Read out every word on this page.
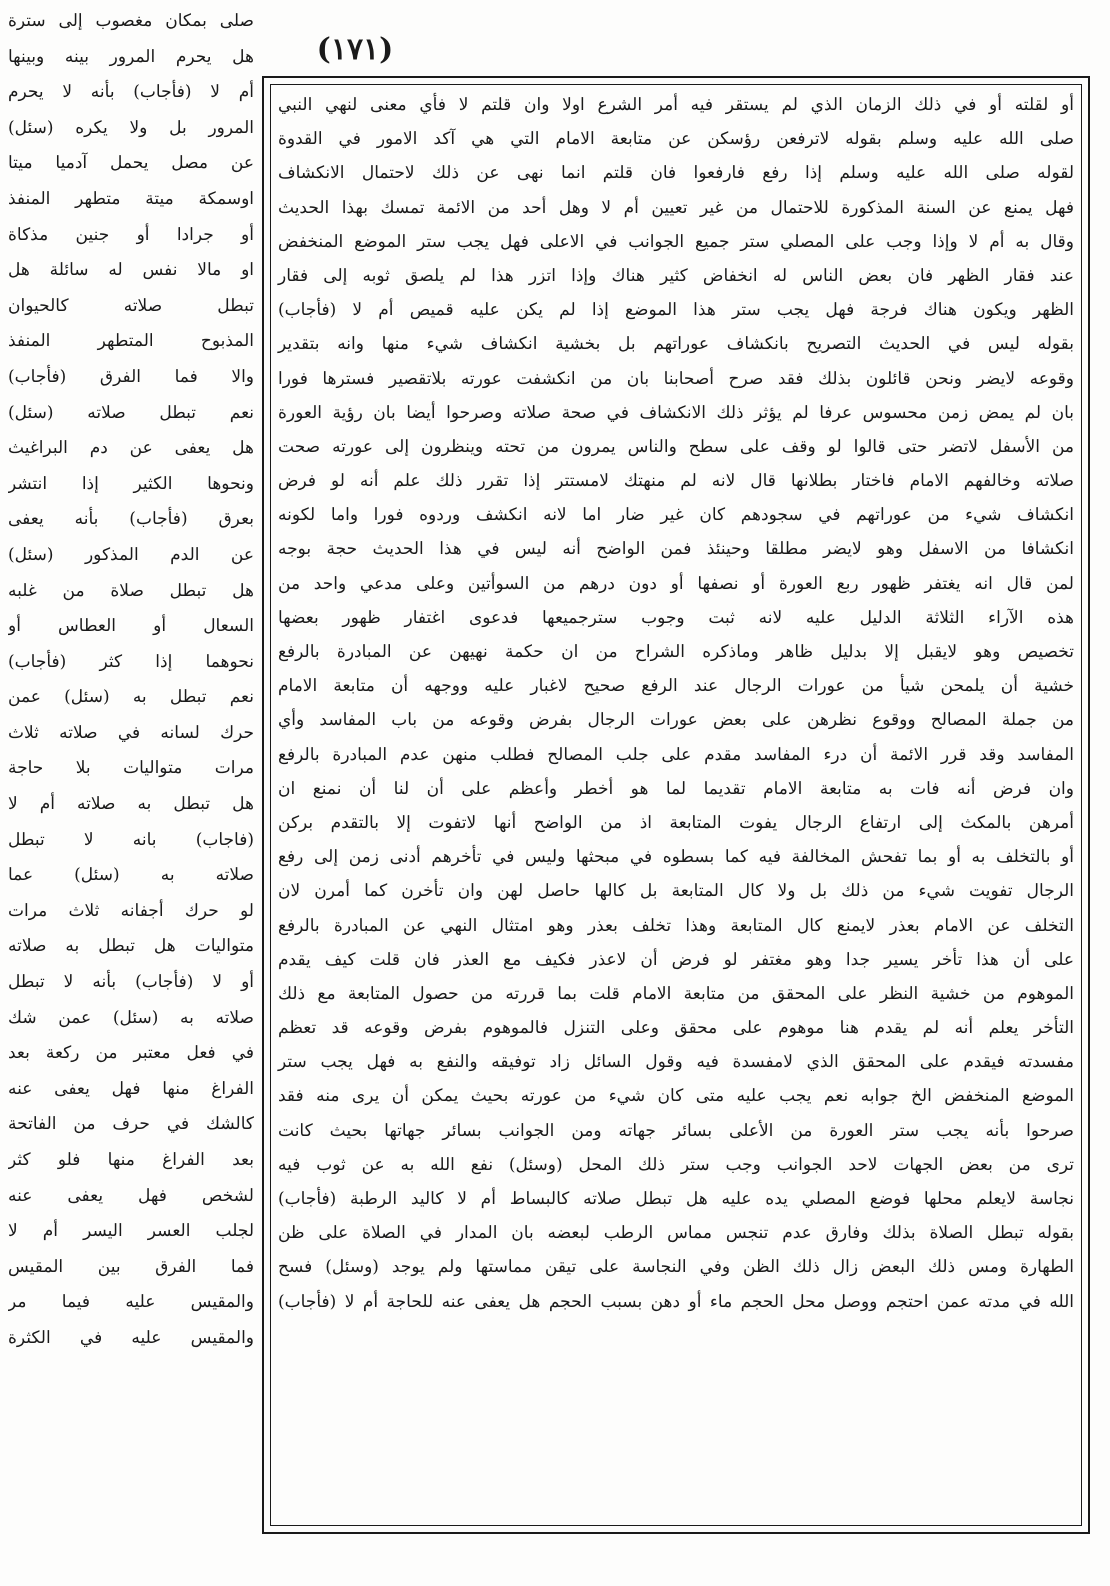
(١٧١)
صلى بمكان مغصوب إلى سترة
هل يحرم المرور بينه وبينها
أم لا (فأجاب) بأنه لا يحرم
المرور بل ولا يكره (سئل)
عن مصل يحمل آدميا ميتا
اوسمكة ميتة متطهر المنفذ
أو جرادا أو جنين مذكاة
او مالا نفس له سائلة هل
تبطل صلاته كالحيوان
المذبوح المتطهر المنفذ
والا فما الفرق (فأجاب)
نعم تبطل صلاته (سئل)
هل يعفى عن دم البراغيث
ونحوها الكثير إذا انتشر
بعرق (فأجاب) بأنه يعفى
عن الدم المذكور (سئل)
هل تبطل صلاة من غلبه
السعال أو العطاس أو
نحوهما إذا كثر (فأجاب)
نعم تبطل به (سئل) عمن
حرك لسانه في صلاته ثلاث
مرات متواليات بلا حاجة
هل تبطل به صلاته أم لا
(فاجاب) بانه لا تبطل
صلاته به (سئل) عما
لو حرك أجفانه ثلاث مرات
متواليات هل تبطل به صلاته
أو لا (فأجاب) بأنه لا تبطل
صلاته به (سئل) عمن شك
في فعل معتبر من ركعة بعد
الفراغ منها فهل يعفى عنه
كالشك في حرف من الفاتحة
بعد الفراغ منها فلو كثر
لشخص فهل يعفى عنه
لجلب العسر اليسر أم لا
فما الفرق بين المقيس
والمقيس عليه فيما مر
والمقيس عليه في الكثرة
أو لقلته أو في ذلك الزمان الذي لم يستقر فيه أمر الشرع اولا وان قلتم لا فأي معنى لنهي النبي
صلى الله عليه وسلم بقوله لاترفعن رؤسكن عن متابعة الامام التي هي آكد الامور في القدوة
لقوله صلى الله عليه وسلم إذا رفع فارفعوا فان قلتم انما نهى عن ذلك لاحتمال الانكشاف
فهل يمنع عن السنة المذكورة للاحتمال من غير تعيين أم لا وهل أحد من الائمة تمسك بهذا الحديث
وقال به أم لا وإذا وجب على المصلي ستر جميع الجوانب في الاعلى فهل يجب ستر الموضع المنخفض
عند فقار الظهر فان بعض الناس له انخفاض كثير هناك وإذا اتزر هذا لم يلصق ثوبه إلى فقار
الظهر ويكون هناك فرجة فهل يجب ستر هذا الموضع إذا لم يكن عليه قميص أم لا (فأجاب)
بقوله ليس في الحديث التصريح بانكشاف عوراتهم بل بخشية انكشاف شيء منها وانه بتقدير
وقوعه لايضر ونحن قائلون بذلك فقد صرح أصحابنا بان من انكشفت عورته بلاتقصير فسترها فورا
بان لم يمض زمن محسوس عرفا لم يؤثر ذلك الانكشاف في صحة صلاته وصرحوا أيضا بان رؤية العورة
من الأسفل لاتضر حتى قالوا لو وقف على سطح والناس يمرون من تحته وينظرون إلى عورته صحت
صلاته وخالفهم الامام فاختار بطلانها قال لانه لم منهتك لامستتر إذا تقرر ذلك علم أنه لو فرض
انكشاف شيء من عوراتهم في سجودهم كان غير ضار اما لانه انكشف وردوه فورا واما لكونه
انكشافا من الاسفل وهو لايضر مطلقا وحينئذ فمن الواضح أنه ليس في هذا الحديث حجة بوجه
لمن قال انه يغتفر ظهور ربع العورة أو نصفها أو دون درهم من السوأتين وعلى مدعي واحد من
هذه الآراء الثلاثة الدليل عليه لانه ثبت وجوب سترجميعها فدعوى اغتفار ظهور بعضها
تخصيص وهو لايقبل إلا بدليل ظاهر وماذكره الشراح من ان حكمة نهيهن عن المبادرة بالرفع
خشية أن يلمحن شيأ من عورات الرجال عند الرفع صحيح لاغبار عليه ووجهه أن متابعة الامام
من جملة المصالح ووقوع نظرهن على بعض عورات الرجال بفرض وقوعه من باب المفاسد وأي
المفاسد وقد قرر الائمة أن درء المفاسد مقدم على جلب المصالح فطلب منهن عدم المبادرة بالرفع
وان فرض أنه فات به متابعة الامام تقديما لما هو أخطر وأعظم على أن لنا أن نمنع ان
أمرهن بالمكث إلى ارتفاع الرجال يفوت المتابعة اذ من الواضح أنها لاتفوت إلا بالتقدم بركن
أو بالتخلف به أو بما تفحش المخالفة فيه كما بسطوه في مبحثها وليس في تأخرهم أدنى زمن إلى رفع
الرجال تفويت شيء من ذلك بل ولا كال المتابعة بل كالها حاصل لهن وان تأخرن كما أمرن لان
التخلف عن الامام بعذر لايمنع كال المتابعة وهذا تخلف بعذر وهو امتثال النهي عن المبادرة بالرفع
على أن هذا تأخر يسير جدا وهو مغتفر لو فرض أن لاعذر فكيف مع العذر فان قلت كيف يقدم
الموهوم من خشية النظر على المحقق من متابعة الامام قلت بما قررته من حصول المتابعة مع ذلك
التأخر يعلم أنه لم يقدم هنا موهوم على محقق وعلى التنزل فالموهوم بفرض وقوعه قد تعظم
مفسدته فيقدم على المحقق الذي لامفسدة فيه وقول السائل زاد توفيقه والنفع به فهل يجب ستر
الموضع المنخفض الخ جوابه نعم يجب عليه متى كان شيء من عورته بحيث يمكن أن يرى منه فقد
صرحوا بأنه يجب ستر العورة من الأعلى بسائر جهاته ومن الجوانب بسائر جهاتها بحيث كانت
ترى من بعض الجهات لاحد الجوانب وجب ستر ذلك المحل (وسئل) نفع الله به عن ثوب فيه
نجاسة لايعلم محلها فوضع المصلي يده عليه هل تبطل صلاته كالبساط أم لا كاليد الرطبة (فأجاب)
بقوله تبطل الصلاة بذلك وفارق عدم تنجس مماس الرطب لبعضه بان المدار في الصلاة على ظن
الطهارة ومس ذلك البعض زال ذلك الظن وفي النجاسة على تيقن مماستها ولم يوجد (وسئل) فسح
الله في مدته عمن احتجم ووصل محل الحجم ماء أو دهن بسبب الحجم هل يعفى عنه للحاجة أم لا (فأجاب)
